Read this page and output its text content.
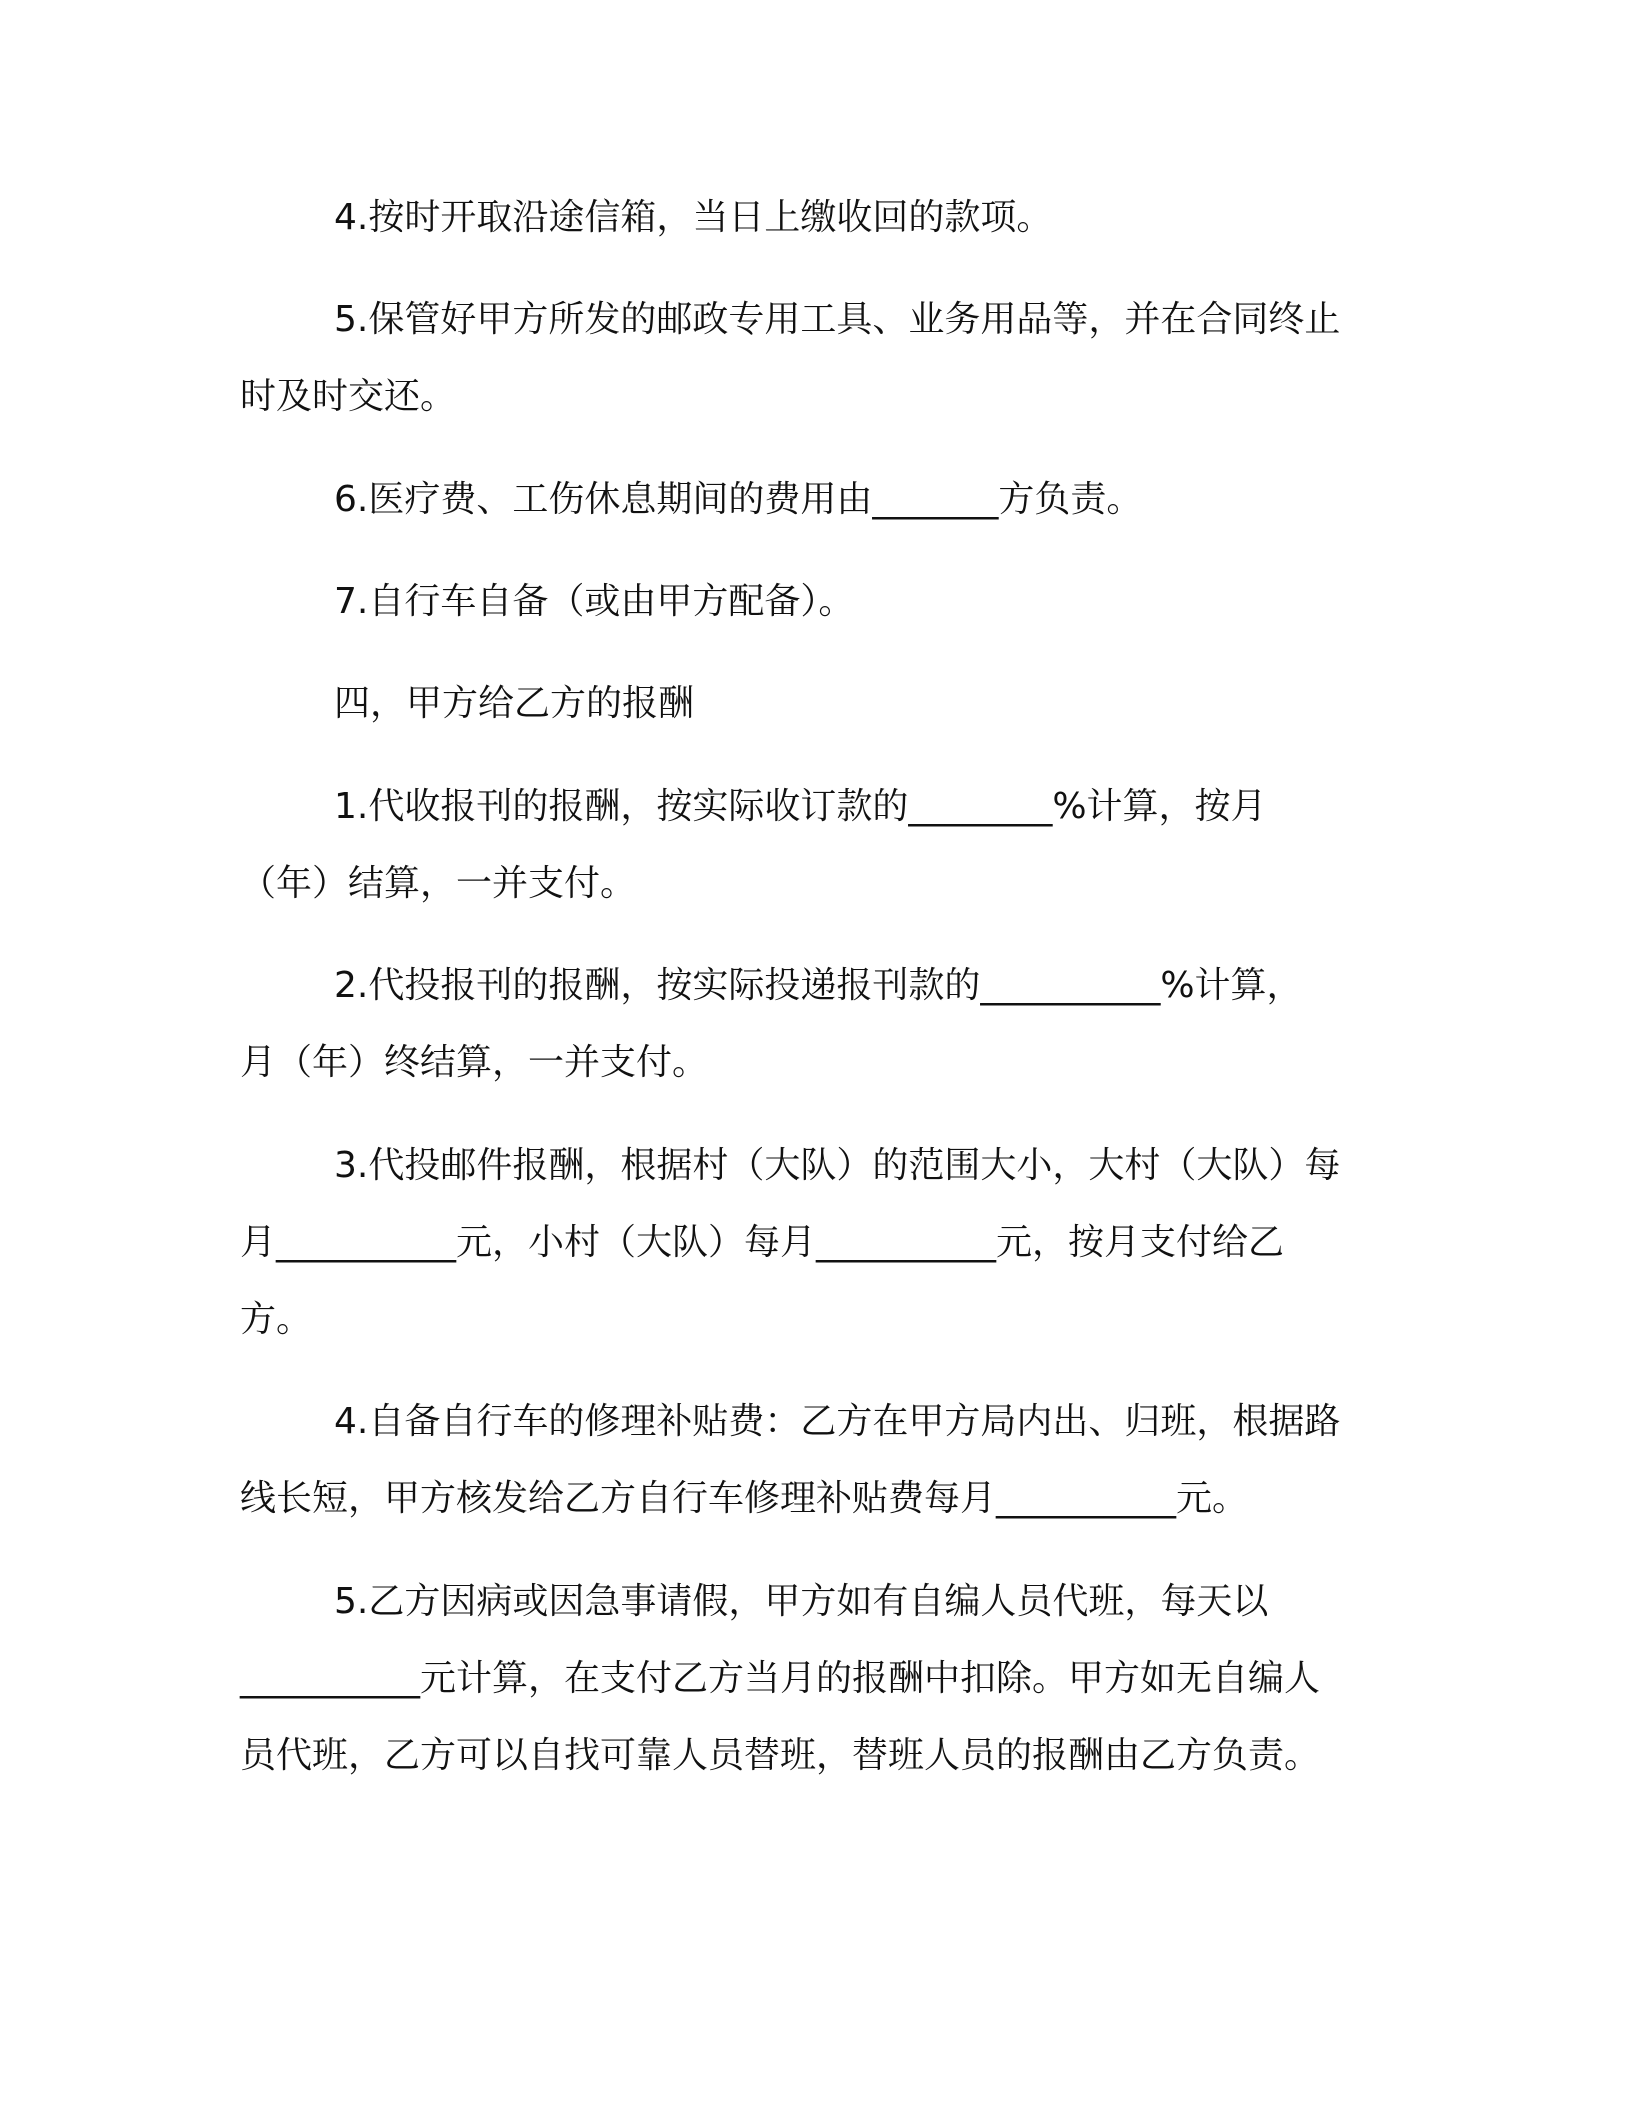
4.按时开取沿途信箱，当日上缴收回的款项。
5.保管好甲方所发的邮政专用工具、业务用品等，并在合同终止
时及时交还。
6.医疗费、工伤休息期间的费用由_______方负责。
7.自行车自备（或由甲方配备）。
四，甲方给乙方的报酬
1.代收报刊的报酬，按实际收订款的________%计算，按月
（年）结算，一并支付。
2.代投报刊的报酬，按实际投递报刊款的__________%计算，
月（年）终结算，一并支付。
3.代投邮件报酬，根据村（大队）的范围大小，大村（大队）每
月__________元，小村（大队）每月__________元，按月支付给乙
方。
4.自备自行车的修理补贴费：乙方在甲方局内出、归班，根据路
线长短，甲方核发给乙方自行车修理补贴费每月__________元。
5.乙方因病或因急事请假，甲方如有自编人员代班，每天以
__________元计算，在支付乙方当月的报酬中扣除。甲方如无自编人
员代班，乙方可以自找可靠人员替班，替班人员的报酬由乙方负责。
